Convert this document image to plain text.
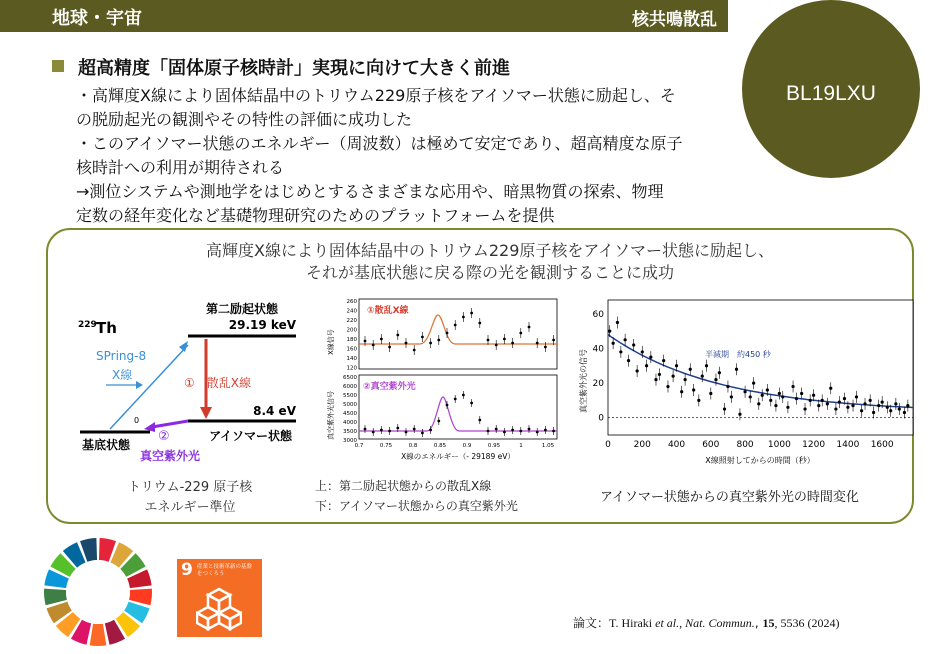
地球・宇宙	核共鳴散乱
BL19LXU
超高精度「固体原子核時計」実現に向けて大きく前進
・高輝度X線により固体結晶中のトリウム229原子核をアイソマー状態に励起し、そ
の脱励起光の観測やその特性の評価に成功した
・このアイソマー状態のエネルギー（周波数）は極めて安定であり、超高精度な原子
核時計への利用が期待される
→測位システムや測地学をはじめとするさまざまな応用や、暗黒物質の探索、物理
定数の経年変化など基礎物理研究のためのプラットフォームを提供
高輝度X線により固体結晶中のトリウム229原子核をアイソマー状態に励起し、
それが基底状態に戻る際の光を観測することに成功
229 Th
第二励起状態
29.19 keV
SPring-8
X線
①　散乱X線
8.4 eV
0
基底状態
②	アイソマー状態
真空紫外光
トリウム-229 原子核
エネルギー準位
260
240
220
200
180
160
140
120
6500
6000
5500
5000
4500
4000
3500
3000
0.7	0.75	0.8	0.85	0.9	0.95	1	1.05
①散乱X線
②真空紫外光
X線信号
真空紫外光信号
X線のエネルギー（- 29189 eV）
上：第二励起状態からの散乱X線
下：アイソマー状態からの真空紫外光
真空紫外光の信号
X線照射してからの時間（秒）
半減期　約450 秒
0	200 400 600 800 1000 1200 1400 1600
60
40
20
0
アイソマー状態からの真空紫外光の時間変化
9 産業と技術革新の基盤をつくろう
論文：T. Hiraki et al., Nat. Commun., 15, 5536 (2024)
